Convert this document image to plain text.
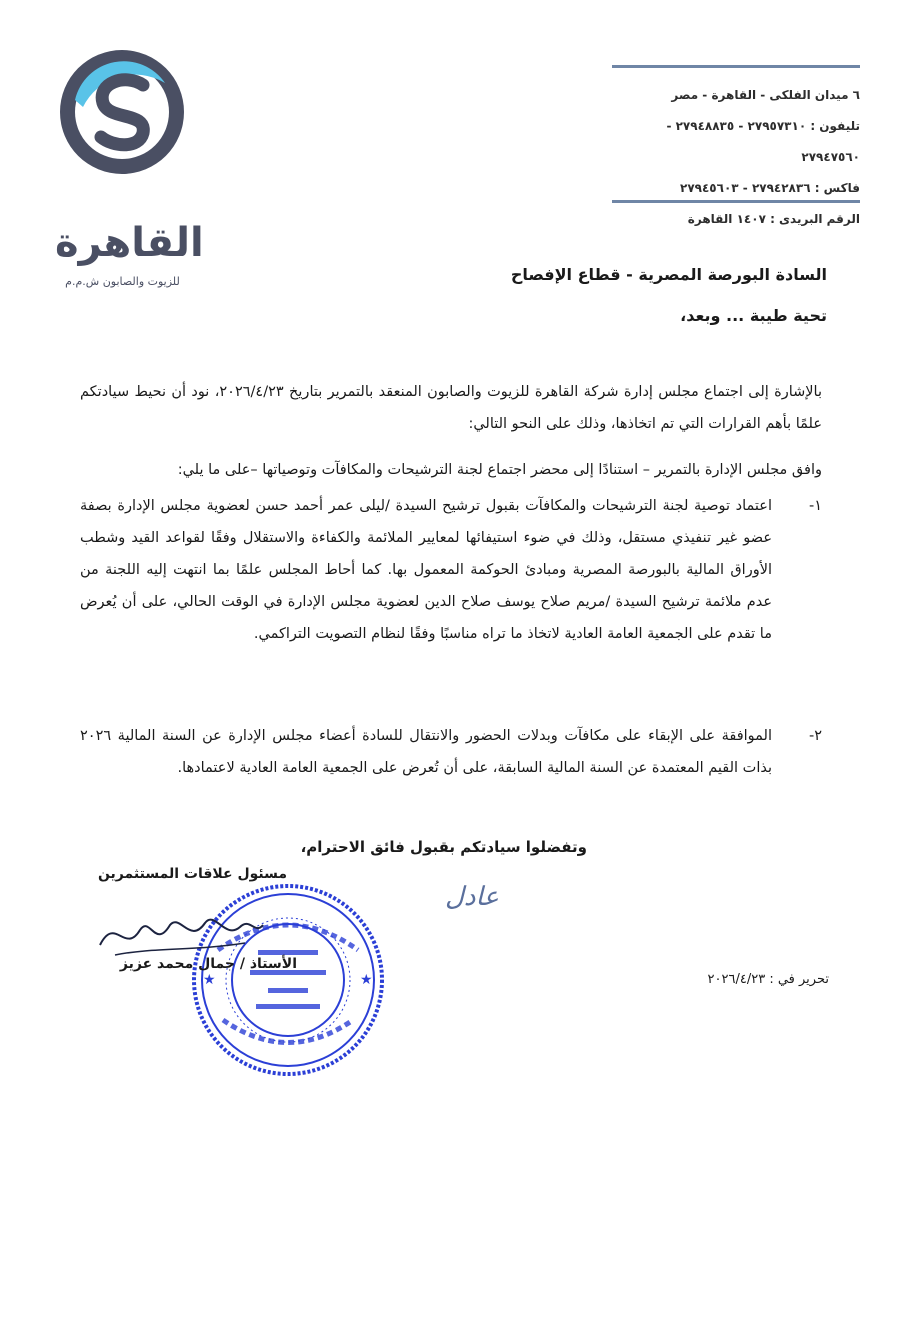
القاهرة
للزيوت والصابون ش.م.م
٦ ميدان الفلكى - القاهرة - مصر
تليفون : ٢٧٩٥٧٣١٠ - ٢٧٩٤٨٨٣٥ - ٢٧٩٤٧٥٦٠
فاكس : ٢٧٩٤٢٨٣٦ - ٢٧٩٤٥٦٠٣
الرقم البريدى : ١٤٠٧ القاهرة
السادة البورصة المصرية - قطاع الإفصاح
تحية طيبة ... وبعد،
بالإشارة إلى اجتماع مجلس إدارة شركة القاهرة للزيوت والصابون المنعقد بالتمرير بتاريخ ٢٠٢٦/٤/٢٣، نود أن نحيط سيادتكم علمًا بأهم القرارات التي تم اتخاذها، وذلك على النحو التالي:
وافق مجلس الإدارة بالتمرير – استنادًا إلى محضر اجتماع لجنة الترشيحات والمكافآت وتوصياتها –على ما يلي:
١-
اعتماد توصية لجنة الترشيحات والمكافآت بقبول ترشيح السيدة /ليلى عمر أحمد حسن لعضوية مجلس الإدارة بصفة عضو غير تنفيذي مستقل، وذلك في ضوء استيفائها لمعايير الملائمة والكفاءة والاستقلال وفقًا لقواعد القيد وشطب الأوراق المالية بالبورصة المصرية ومبادئ الحوكمة المعمول بها. كما أحاط المجلس علمًا بما انتهت إليه اللجنة من عدم ملائمة ترشيح السيدة /مريم صلاح يوسف صلاح الدين لعضوية مجلس الإدارة في الوقت الحالي، على أن يُعرض ما تقدم على الجمعية العامة العادية لاتخاذ ما تراه مناسبًا وفقًا لنظام التصويت التراكمي.
٢-
الموافقة على الإبقاء على مكافآت وبدلات الحضور والانتقال للسادة أعضاء مجلس الإدارة عن السنة المالية ٢٠٢٦ بذات القيم المعتمدة عن السنة المالية السابقة، على أن تُعرض على الجمعية العامة العادية لاعتمادها.
وتفضلوا سيادتكم بقبول فائق الاحترام،
مسئول علاقات المستثمرين
عادل
★	★
الأستاذ / جمال محمد عزيز
تحرير في : ٢٠٢٦/٤/٢٣
